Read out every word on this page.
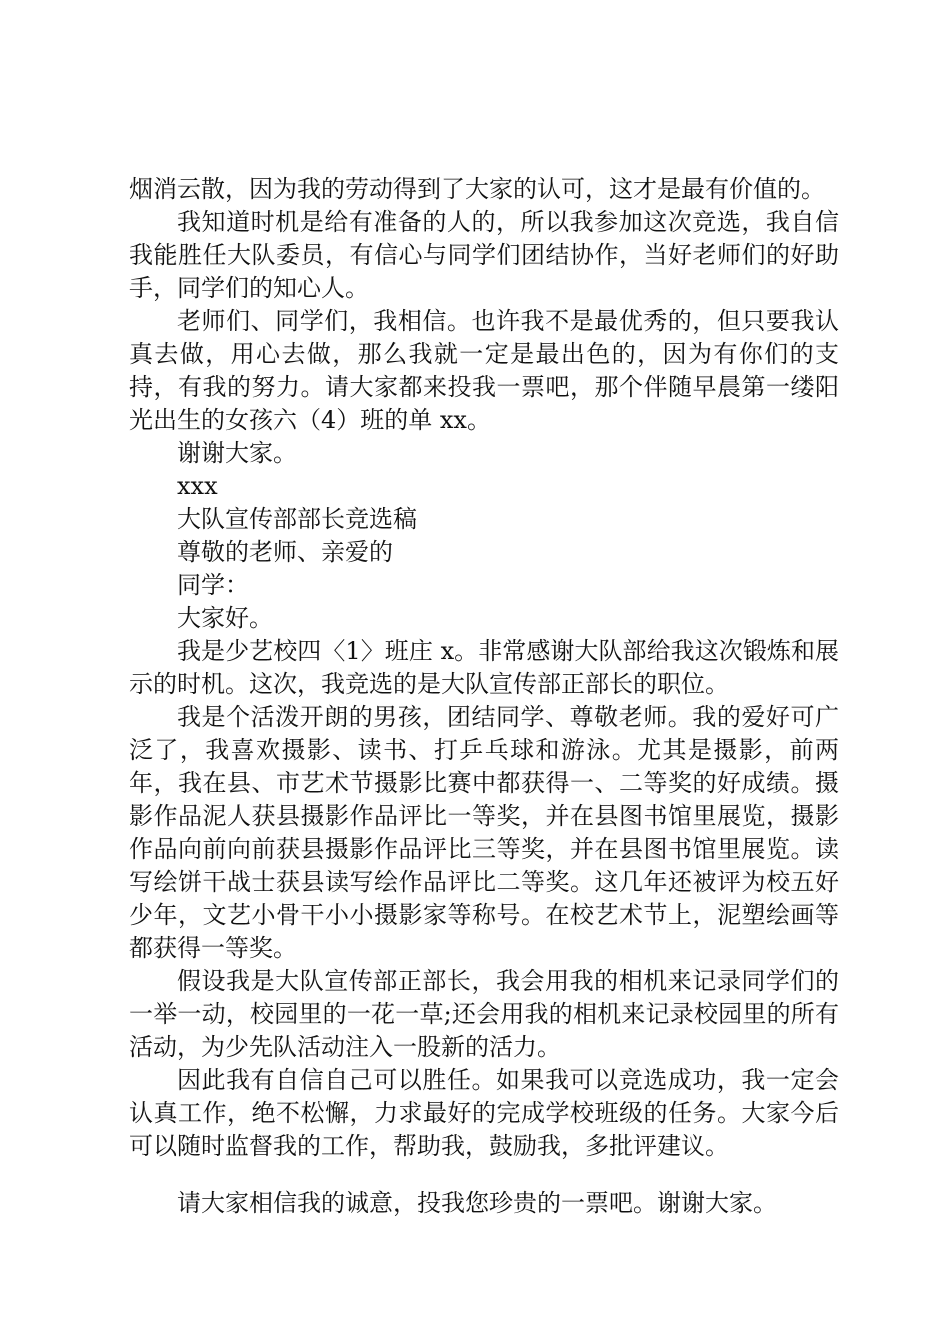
烟消云散，因为我的劳动得到了大家的认可，这才是最有价值的。

我知道时机是给有准备的人的，所以我参加这次竞选，我自信我能胜任大队委员，有信心与同学们团结协作，当好老师们的好助手，同学们的知心人。

老师们、同学们，我相信。也许我不是最优秀的，但只要我认真去做，用心去做，那么我就一定是最出色的，因为有你们的支持，有我的努力。请大家都来投我一票吧，那个伴随早晨第一缕阳光出生的女孩六（4）班的单 xx。

谢谢大家。

xxx

大队宣传部部长竞选稿

尊敬的老师、亲爱的

同学：

大家好。

我是少艺校四〈1〉班庄 x。非常感谢大队部给我这次锻炼和展示的时机。这次，我竞选的是大队宣传部正部长的职位。

我是个活泼开朗的男孩，团结同学、尊敬老师。我的爱好可广泛了，我喜欢摄影、读书、打乒乓球和游泳。尤其是摄影，前两年，我在县、市艺术节摄影比赛中都获得一、二等奖的好成绩。摄影作品泥人获县摄影作品评比一等奖，并在县图书馆里展览，摄影作品向前向前获县摄影作品评比三等奖，并在县图书馆里展览。读写绘饼干战士获县读写绘作品评比二等奖。这几年还被评为校五好少年，文艺小骨干小小摄影家等称号。在校艺术节上，泥塑绘画等都获得一等奖。

假设我是大队宣传部正部长，我会用我的相机来记录同学们的一举一动，校园里的一花一草;还会用我的相机来记录校园里的所有活动，为少先队活动注入一股新的活力。

因此我有自信自己可以胜任。如果我可以竞选成功，我一定会认真工作，绝不松懈，力求最好的完成学校班级的任务。大家今后可以随时监督我的工作，帮助我，鼓励我，多批评建议。

请大家相信我的诚意，投我您珍贵的一票吧。谢谢大家。
